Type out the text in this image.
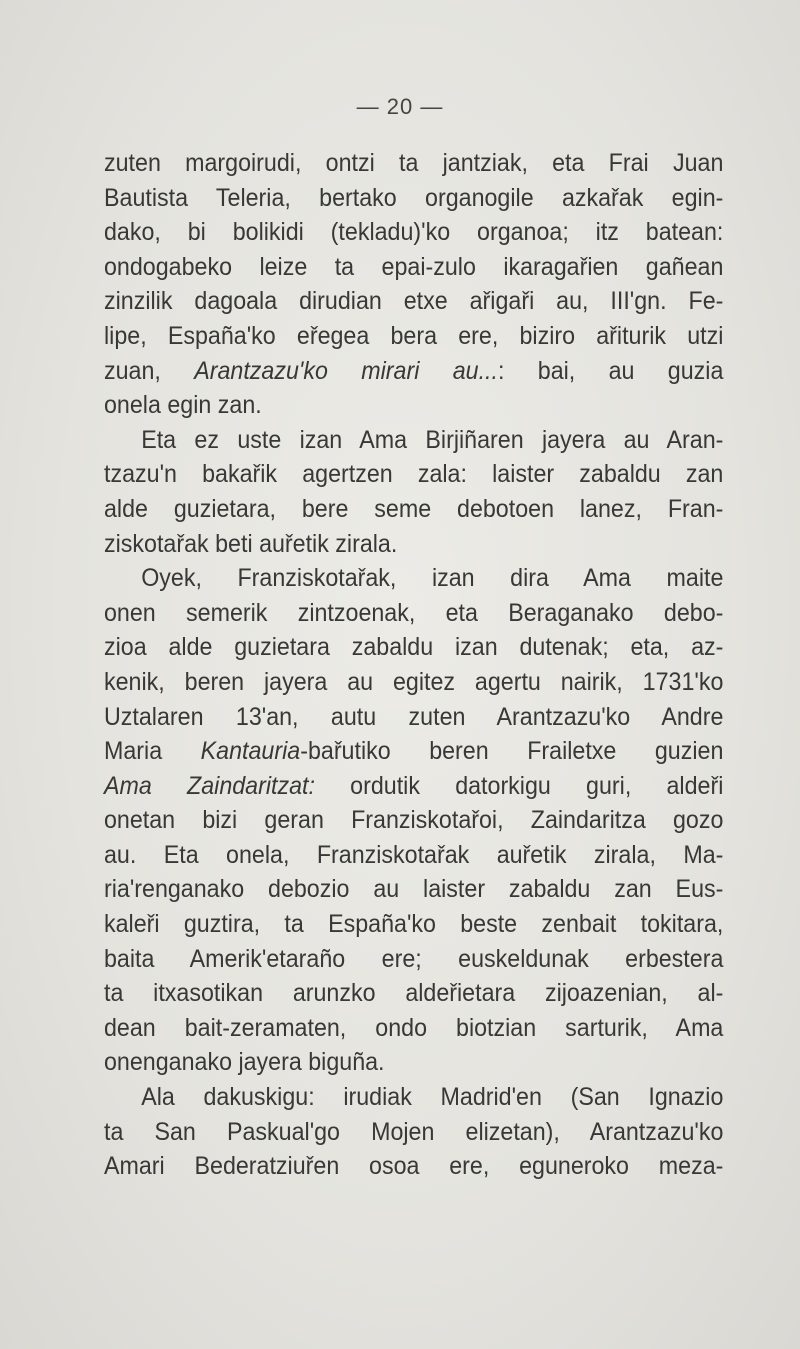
— 20 —
zuten margoirudi, ontzi ta jantziak, eta Frai Juan
Bautista Teleria, bertako organogile azkařak egin-
dako, bi bolikidi (tekladu)'ko organoa; itz batean:
ondogabeko leize ta epai-zulo ikaragařien gañean
zinzilik dagoala dirudian etxe ařigaři au, III'gn. Fe-
lipe, España'ko eřegea bera ere, biziro ařiturik utzi
zuan, Arantzazu'ko mirari au...: bai, au guzia
onela egin zan.
Eta ez uste izan Ama Birjiñaren jayera au Aran-
tzazu'n bakařik agertzen zala: laister zabaldu zan
alde guzietara, bere seme debotoen lanez, Fran-
ziskotařak beti auřetik zirala.
Oyek, Franziskotařak, izan dira Ama maite
onen semerik zintzoenak, eta Beraganako debo-
zioa alde guzietara zabaldu izan dutenak; eta, az-
kenik, beren jayera au egitez agertu nairik, 1731'ko
Uztalaren 13'an, autu zuten Arantzazu'ko Andre
Maria Kantauria-bařutiko beren Frailetxe guzien
Ama Zaindaritzat: ordutik datorkigu guri, aldeři
onetan bizi geran Franziskotařoi, Zaindaritza gozo
au. Eta onela, Franziskotařak auřetik zirala, Ma-
ria'renganako debozio au laister zabaldu zan Eus-
kaleři guztira, ta España'ko beste zenbait tokitara,
baita Amerik'etaraño ere; euskeldunak erbestera
ta itxasotikan arunzko aldeřietara zijoazenian, al-
dean bait-zeramaten, ondo biotzian sarturik, Ama
onenganako jayera biguña.
Ala dakuskigu: irudiak Madrid'en (San Ignazio
ta San Paskual'go Mojen elizetan), Arantzazu'ko
Amari Bederatziuřen osoa ere, eguneroko meza-
